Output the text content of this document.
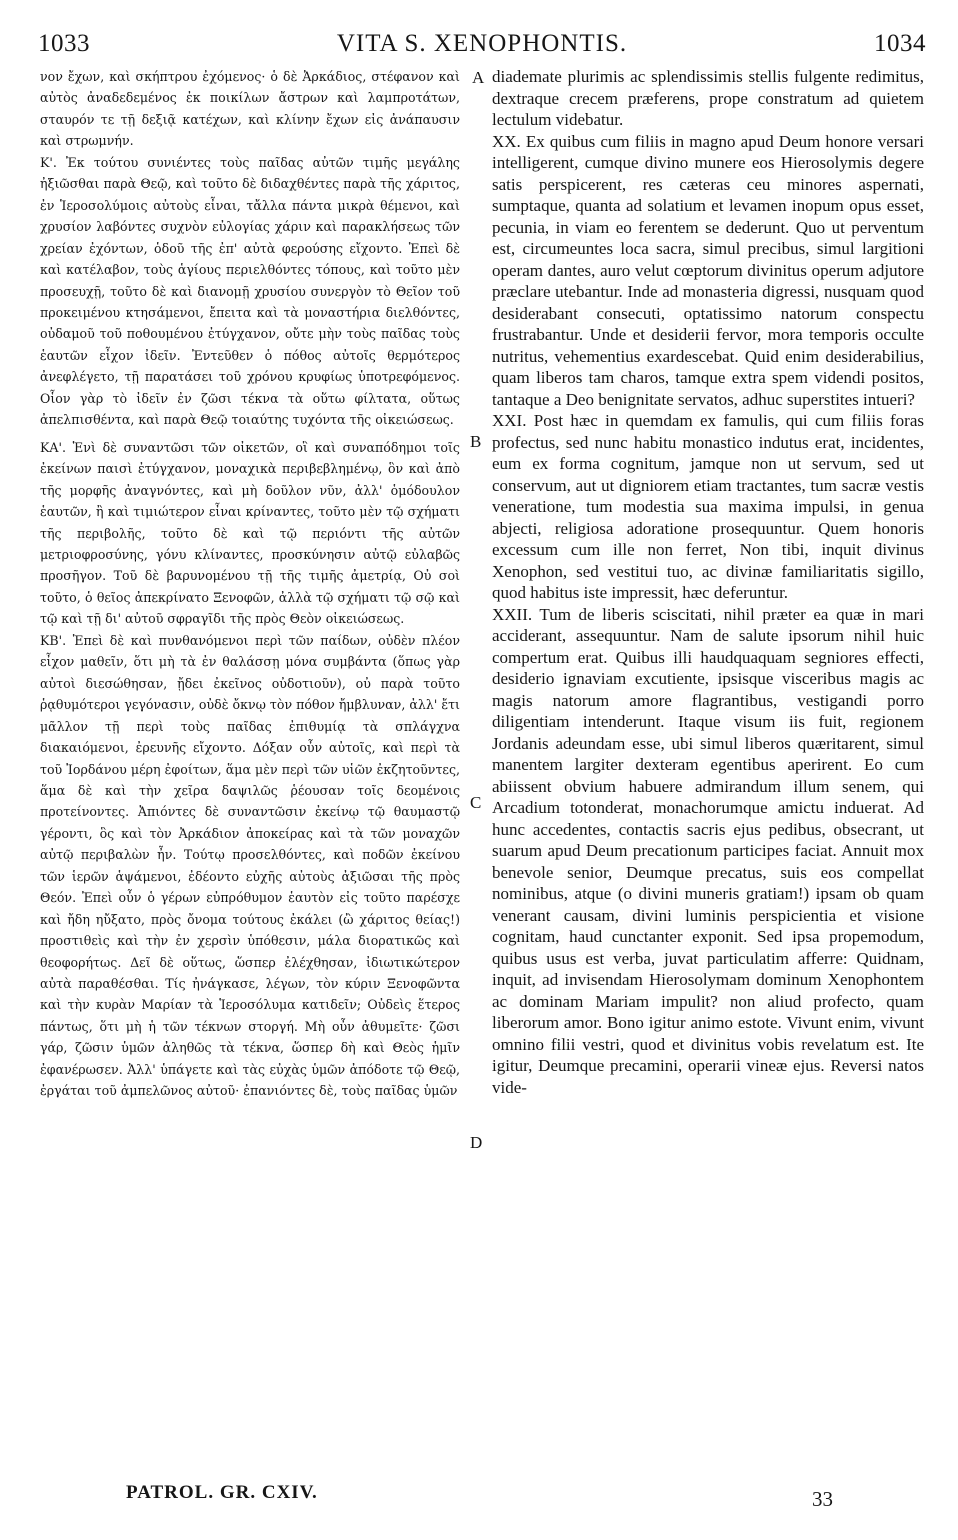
1033	VITA S. XENOPHONTIS.	1034

νον ἔχων, καὶ σκήπτρου ἐχόμενος· ὁ δὲ Ἀρκάδιος, στέφανον καὶ αὐτὸς ἀναδεδεμένος ἐκ ποικίλων ἄστρων καὶ λαμπροτάτων, σταυρόν τε τῇ δεξιᾷ κατέχων, καὶ κλίνην ἔχων εἰς ἀνάπαυσιν καὶ στρωμνήν.

Κ'. Ἐκ τούτου συνιέντες τοὺς παῖδας αὐτῶν τιμῆς μεγάλης ἠξιῶσθαι παρὰ Θεῷ, καὶ τοῦτο δὲ διδαχθέντες παρὰ τῆς χάριτος, ἐν Ἱεροσολύμοις αὐτοὺς εἶναι, τἄλλα πάντα μικρὰ θέμενοι, καὶ χρυσίον λαβόντες συχνὸν εὐλογίας χάριν καὶ παρακλήσεως τῶν χρείαν ἐχόντων, ὁδοῦ τῆς ἐπ' αὐτὰ φερούσης εἴχοντο. Ἐπεὶ δὲ καὶ κατέλαβον, τοὺς ἁγίους περιελθόντες τόπους, καὶ τοῦτο μὲν προσευχῇ, τοῦτο δὲ καὶ διανομῇ χρυσίου συνεργὸν τὸ Θεῖον τοῦ προκειμένου κτησάμενοι, ἔπειτα καὶ τὰ μοναστήρια διελθόντες, οὐδαμοῦ τοῦ ποθουμένου ἐτύγχανον, οὔτε μὴν τοὺς παῖδας τοὺς ἑαυτῶν εἶχον ἰδεῖν. Ἐντεῦθεν ὁ πόθος αὐτοῖς θερμότερος ἀνεφλέγετο, τῇ παρατάσει τοῦ χρόνου κρυφίως ὑποτρεφόμενος. Οἷον γὰρ τὸ ἰδεῖν ἐν ζῶσι τέκνα τὰ οὕτω φίλτατα, οὕτως ἀπελπισθέντα, καὶ παρὰ Θεῷ τοιαύτης τυχόντα τῆς οἰκειώσεως.

ΚΑ'. Ἑνὶ δὲ συναντῶσι τῶν οἰκετῶν, οἳ καὶ συναπόδημοι τοῖς ἐκείνων παισὶ ἐτύγχανον, μοναχικὰ περιβεβλημένῳ, ὃν καὶ ἀπὸ τῆς μορφῆς ἀναγνόντες, καὶ μὴ δοῦλον νῦν, ἀλλ' ὁμόδουλον ἑαυτῶν, ἢ καὶ τιμιώτερον εἶναι κρίναντες, τοῦτο μὲν τῷ σχήματι τῆς περιβολῆς, τοῦτο δὲ καὶ τῷ περιόντι τῆς αὐτῶν μετριοφροσύνης, γόνυ κλίναντες, προσκύνησιν αὐτῷ εὐλαβῶς προσῆγον. Τοῦ δὲ βαρυνομένου τῇ τῆς τιμῆς ἀμετρίᾳ, Οὐ σοὶ τοῦτο, ὁ θεῖος ἀπεκρίνατο Ξενοφῶν, ἀλλὰ τῷ σχήματι τῷ σῷ καὶ τῷ καὶ τῇ δι' αὐτοῦ σφραγῖδι τῆς πρὸς Θεὸν οἰκειώσεως.

ΚΒ'. Ἐπεὶ δὲ καὶ πυνθανόμενοι περὶ τῶν παίδων, οὐδὲν πλέον εἶχον μαθεῖν, ὅτι μὴ τὰ ἐν θαλάσσῃ μόνα συμβάντα (ὅπως γὰρ αὐτοὶ διεσώθησαν, ᾔδει ἐκεῖνος οὐδοτιοῦν), οὐ παρὰ τοῦτο ῥᾳθυμότεροι γεγόνασιν, οὐδὲ ὄκνῳ τὸν πόθον ἤμβλυναν, ἀλλ' ἔτι μᾶλλον τῇ περὶ τοὺς παῖδας ἐπιθυμίᾳ τὰ σπλάγχνα διακαιόμενοι, ἐρευνῆς εἴχοντο. Δόξαν οὖν αὐτοῖς, καὶ περὶ τὰ τοῦ Ἰορδάνου μέρη ἐφοίτων, ἅμα μὲν περὶ τῶν υἱῶν ἐκζητοῦντες, ἅμα δὲ καὶ τὴν χεῖρα δαψιλῶς ῥέουσαν τοῖς δεομένοις προτείνοντες. Ἀπιόντες δὲ συναντῶσιν ἐκείνῳ τῷ θαυμαστῷ γέροντι, ὃς καὶ τὸν Ἀρκάδιον ἀποκείρας καὶ τὰ τῶν μοναχῶν αὐτῷ περιβαλὼν ἦν. Τούτῳ προσελθόντες, καὶ ποδῶν ἐκείνου τῶν ἱερῶν ἁψάμενοι, ἐδέοντο εὐχῆς αὐτοὺς ἀξιῶσαι τῆς πρὸς Θεόν. Ἐπεὶ οὖν ὁ γέρων εὐπρόθυμον ἑαυτὸν εἰς τοῦτο παρέσχε καὶ ἤδη ηὔξατο, πρὸς ὄνομα τούτους ἐκάλει (ὢ χάριτος θείας!) προστιθεὶς καὶ τὴν ἐν χερσὶν ὑπόθεσιν, μάλα διορατικῶς καὶ θεοφορήτως. Δεῖ δὲ οὕτως, ὥσπερ ἐλέχθησαν, ἰδιωτικώτερον αὐτὰ παραθέσθαι. Τίς ἠνάγκασε, λέγων, τὸν κύριν Ξενοφῶντα καὶ τὴν κυρὰν Μαρίαν τὰ Ἱεροσόλυμα κατιδεῖν; Οὐδεὶς ἕτερος πάντως, ὅτι μὴ ἡ τῶν τέκνων στοργή. Μὴ οὖν ἀθυμεῖτε· ζῶσι γάρ, ζῶσιν ὑμῶν ἀληθῶς τὰ τέκνα, ὥσπερ δὴ καὶ Θεὸς ἡμῖν ἐφανέρωσεν. Ἀλλ' ὑπάγετε καὶ τὰς εὐχὰς ὑμῶν ἀπόδοτε τῷ Θεῷ, ἐργάται τοῦ ἀμπελῶνος αὐτοῦ· ἐπανιόντες δὲ, τοὺς παῖδας ὑμῶν

diademate plurimis ac splendissimis stellis fulgente redimitus, dextraque crecem præferens, prope constratum ad quietem lectulum videbatur.

XX. Ex quibus cum filiis in magno apud Deum honore versari intelligerent, cumque divino munere eos Hierosolymis degere satis perspicerent, res cæteras ceu minores aspernati, sumptaque, quanta ad solatium et levamen inopum opus esset, pecunia, in viam eo ferentem se dederunt. Quo ut perventum est, circumeuntes loca sacra, simul precibus, simul largitioni operam dantes, auro velut cœptorum divinitus operum adjutore præclare utebantur. Inde ad monasteria digressi, nusquam quod desiderabant consecuti, optatissimo natorum conspectu frustrabantur. Unde et desiderii fervor, mora temporis occulte nutritus, vehementius exardescebat. Quid enim desiderabilius, quam liberos tam charos, tamque extra spem videndi positos, tantaque a Deo benignitate servatos, adhuc superstites intueri?

XXI. Post hæc in quemdam ex famulis, qui cum filiis foras profectus, sed nunc habitu monastico indutus erat, incidentes, eum ex forma cognitum, jamque non ut servum, sed ut conservum, aut ut digniorem etiam tractantes, tum sacræ vestis venerationе, tum modestia sua maxima impulsi, in genua abjecti, religiosa adoratione prosequuntur. Quem honoris excessum cum ille non ferret, Non tibi, inquit divinus Xenophon, sed vestitui tuo, ac divinæ familiaritatis sigillo, quod habitus iste impressit, hæc deferuntur.

XXII. Tum de liberis sciscitati, nihil præter ea quæ in mari acciderant, assequuntur. Nam de salute ipsorum nihil huic compertum erat. Quibus illi haudquaquam segniores effecti, desiderio ignaviam excutiente, ipsisque visceribus magis ac magis natorum amore flagrantibus, vestigandi porro diligentiam intenderunt. Itaque visum iis fuit, regionem Jordanis adeundam esse, ubi simul liberos quæritarent, simul manentem largiter dexteram egentibus aperirent. Eo cum abiissent obvium habuere admirandum illum senem, qui Arcadium totonderat, monachorumque amictu induerat. Ad hunc accedentes, contactis sacris ejus pedibus, obsecrant, ut suarum apud Deum precationum participes faciat. Annuit mox benevole senior, Deumque precatus, suis eos compellat nominibus, atque (o divini muneris gratiam!) ipsam ob quam venerant causam, divini luminis perspicientia et visione cognitam, haud cunctanter exponit. Sed ipsa propemodum, quibus usus est verba, juvat particulatim afferre: Quidnam, inquit, ad invisendam Hierosolymam dominum Xenophontem ac dominam Mariam impulit? non aliud profecto, quam liberorum amor. Bono igitur animo estote. Vivunt enim, vivunt omnino filii vestri, quod et divinitus vobis revelatum est. Ite igitur, Deumque precamini, operarii vineæ ejus. Reversi natos vide-

A
B
C
D
PATROL. GR. CXIV.	33
